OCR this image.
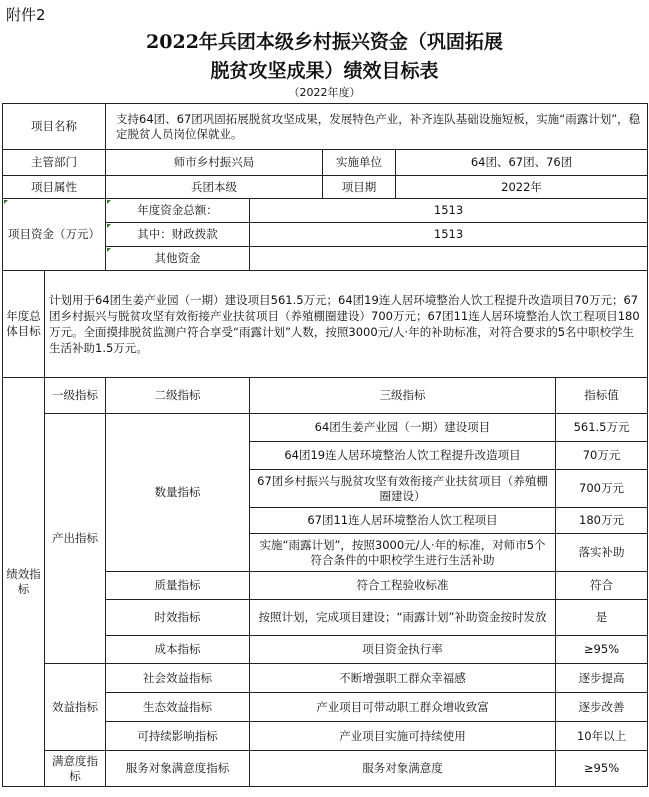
附件2
2022年兵团本级乡村振兴资金（巩固拓展
脱贫攻坚成果）绩效目标表
（2022年度）
项目名称		支持64团、67团巩固拓展脱贫攻坚成果，发展特色产业，补齐连队基础设施短板，实施“雨露计划”，稳定脱贫人员岗位保就业。				
主管部门		师市乡村振兴局		实施单位	64团、67团、76团	
项目属性		兵团本级		项目期	2022年	
项目资金（万元）		年度资金总额：	1513			
		其中：财政拨款	1513			
		其他资金				
年度总体目标	计划用于64团生姜产业园（一期）建设项目561.5万元；64团19连人居环境整治人饮工程提升改造项目70万元；67团乡村振兴与脱贫攻坚有效衔接产业扶贫项目（养殖棚圈建设）700万元；67团11连人居环境整治人饮工程项目180万元。全面摸排脱贫监测户符合享受“雨露计划”人数，按照3000元/人·年的补助标准，对符合要求的5名中职校学生生活补助1.5万元。					
绩效指标	一级指标	二级指标	三级指标			指标值
	产出指标	数量指标	64团生姜产业园（一期）建设项目			561.5万元
			64团19连人居环境整治人饮工程提升改造项目			70万元
			67团乡村振兴与脱贫攻坚有效衔接产业扶贫项目（养殖棚圈建设）			700万元
			67团11连人居环境整治人饮工程项目			180万元
			实施“雨露计划”，按照3000元/人·年的标准，对师市5个符合条件的中职校学生进行生活补助			落实补助
		质量指标	符合工程验收标准			符合
		时效指标	按照计划，完成项目建设；“雨露计划”补助资金按时发放			是
		成本指标	项目资金执行率			≥95%
	效益指标	社会效益指标	不断增强职工群众幸福感			逐步提高
		生态效益指标	产业项目可带动职工群众增收致富			逐步改善
		可持续影响指标	产业项目实施可持续使用			10年以上
	满意度指标	服务对象满意度指标	服务对象满意度			≥95%
